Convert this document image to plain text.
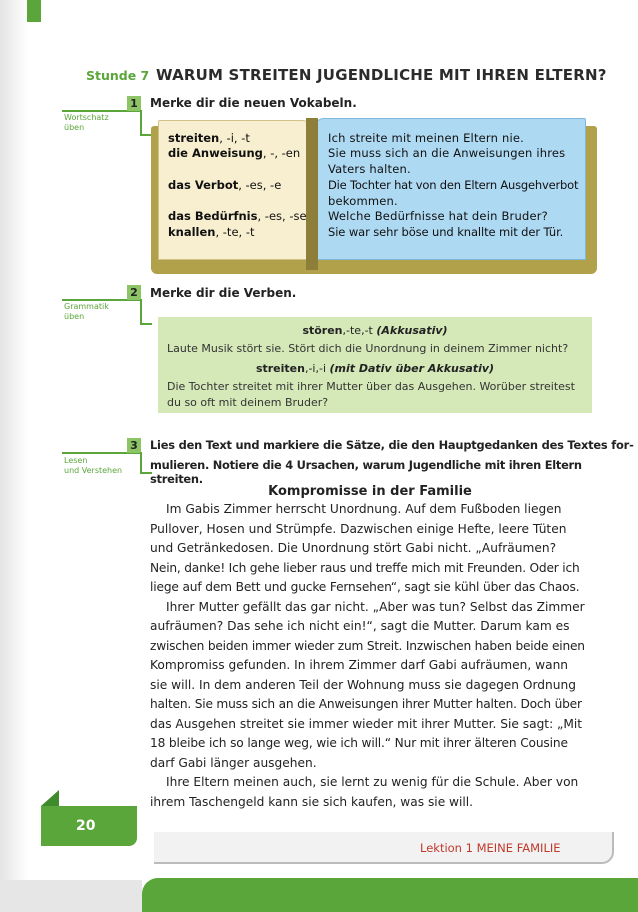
Stunde 7 WARUM STREITEN JUGENDLICHE MIT IHREN ELTERN?
1
Wortschatz
üben
Merke dir die neuen Vokabeln.
streiten, -i, -t
die Anweisung, -, -en
das Verbot, -es, -e
das Bedürfnis, -es, -se
knallen, -te, -t
Ich streite mit meinen Eltern nie.
Sie muss sich an die Anweisungen ihres
Vaters halten.
Die Tochter hat von den Eltern Ausgehverbot
bekommen.
Welche Bedürfnisse hat dein Bruder?
Sie war sehr böse und knallte mit der Tür.
2
Grammatik
üben
Merke dir die Verben.
stören,-te,-t (Akkusativ)
Laute Musik stört sie. Stört dich die Unordnung in deinem Zimmer nicht?
streiten,-i,-i (mit Dativ über Akkusativ)
Die Tochter streitet mit ihrer Mutter über das Ausgehen. Worüber streitest
du so oft mit deinem Bruder?
3
Lesen
und Verstehen
Lies den Text und markiere die Sätze, die den Hauptgedanken des Textes for-
mulieren. Notiere die 4 Ursachen, warum Jugendliche mit ihren Eltern streiten.
Kompromisse in der Familie
Im Gabis Zimmer herrscht Unordnung. Auf dem Fußboden liegen
Pullover, Hosen und Strümpfe. Dazwischen einige Hefte, leere Tüten
und Getränkedosen. Die Unordnung stört Gabi nicht. „Aufräumen?
Nein, danke! Ich gehe lieber raus und treffe mich mit Freunden. Oder ich
liege auf dem Bett und gucke Fernsehen“, sagt sie kühl über das Chaos.
Ihrer Mutter gefällt das gar nicht. „Aber was tun? Selbst das Zimmer
aufräumen? Das sehe ich nicht ein!“, sagt die Mutter. Darum kam es
zwischen beiden immer wieder zum Streit. Inzwischen haben beide einen
Kompromiss gefunden. In ihrem Zimmer darf Gabi aufräumen, wann
sie will. In dem anderen Teil der Wohnung muss sie dagegen Ordnung
halten. Sie muss sich an die Anweisungen ihrer Mutter halten. Doch über
das Ausgehen streitet sie immer wieder mit ihrer Mutter. Sie sagt: „Mit
18 bleibe ich so lange weg, wie ich will.“ Nur mit ihrer älteren Cousine
darf Gabi länger ausgehen.
Ihre Eltern meinen auch, sie lernt zu wenig für die Schule. Aber von
ihrem Taschengeld kann sie sich kaufen, was sie will.
20
Lektion 1 MEINE FAMILIE
